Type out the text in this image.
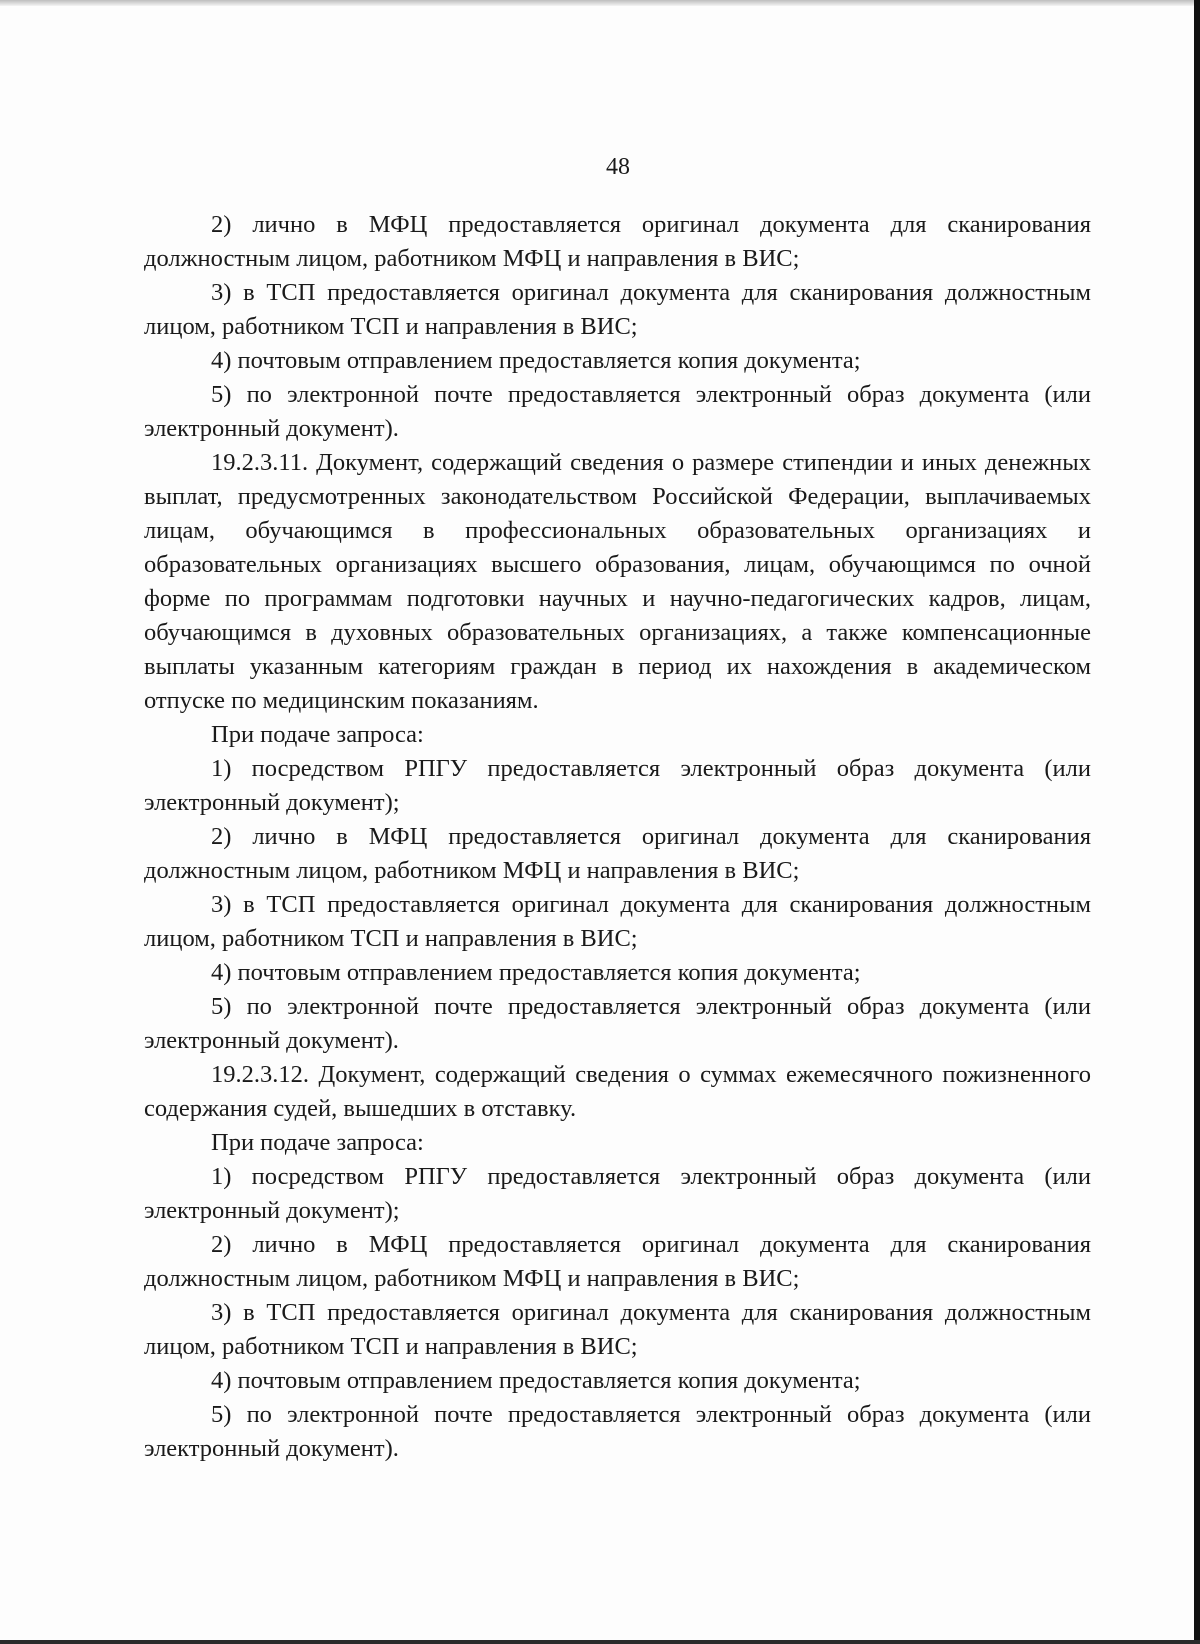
48

2) лично в МФЦ предоставляется оригинал документа для сканирования должностным лицом, работником МФЦ и направления в ВИС;

3) в ТСП предоставляется оригинал документа для сканирования должностным лицом, работником ТСП и направления в ВИС;

4) почтовым отправлением предоставляется копия документа;

5) по электронной почте предоставляется электронный образ документа (или электронный документ).

19.2.3.11. Документ, содержащий сведения о размере стипендии и иных денежных выплат, предусмотренных законодательством Российской Федерации, выплачиваемых лицам, обучающимся в профессиональных образовательных организациях и образовательных организациях высшего образования, лицам, обучающимся по очной форме по программам подготовки научных и научно-педагогических кадров, лицам, обучающимся в духовных образовательных организациях, а также компенсационные выплаты указанным категориям граждан в период их нахождения в академическом отпуске по медицинским показаниям.

При подаче запроса:

1) посредством РПГУ предоставляется электронный образ документа (или электронный документ);

2) лично в МФЦ предоставляется оригинал документа для сканирования должностным лицом, работником МФЦ и направления в ВИС;

3) в ТСП предоставляется оригинал документа для сканирования должностным лицом, работником ТСП и направления в ВИС;

4) почтовым отправлением предоставляется копия документа;

5) по электронной почте предоставляется электронный образ документа (или электронный документ).

19.2.3.12. Документ, содержащий сведения о суммах ежемесячного пожизненного содержания судей, вышедших в отставку.

При подаче запроса:

1) посредством РПГУ предоставляется электронный образ документа (или электронный документ);

2) лично в МФЦ предоставляется оригинал документа для сканирования должностным лицом, работником МФЦ и направления в ВИС;

3) в ТСП предоставляется оригинал документа для сканирования должностным лицом, работником ТСП и направления в ВИС;

4) почтовым отправлением предоставляется копия документа;

5) по электронной почте предоставляется электронный образ документа (или электронный документ).
